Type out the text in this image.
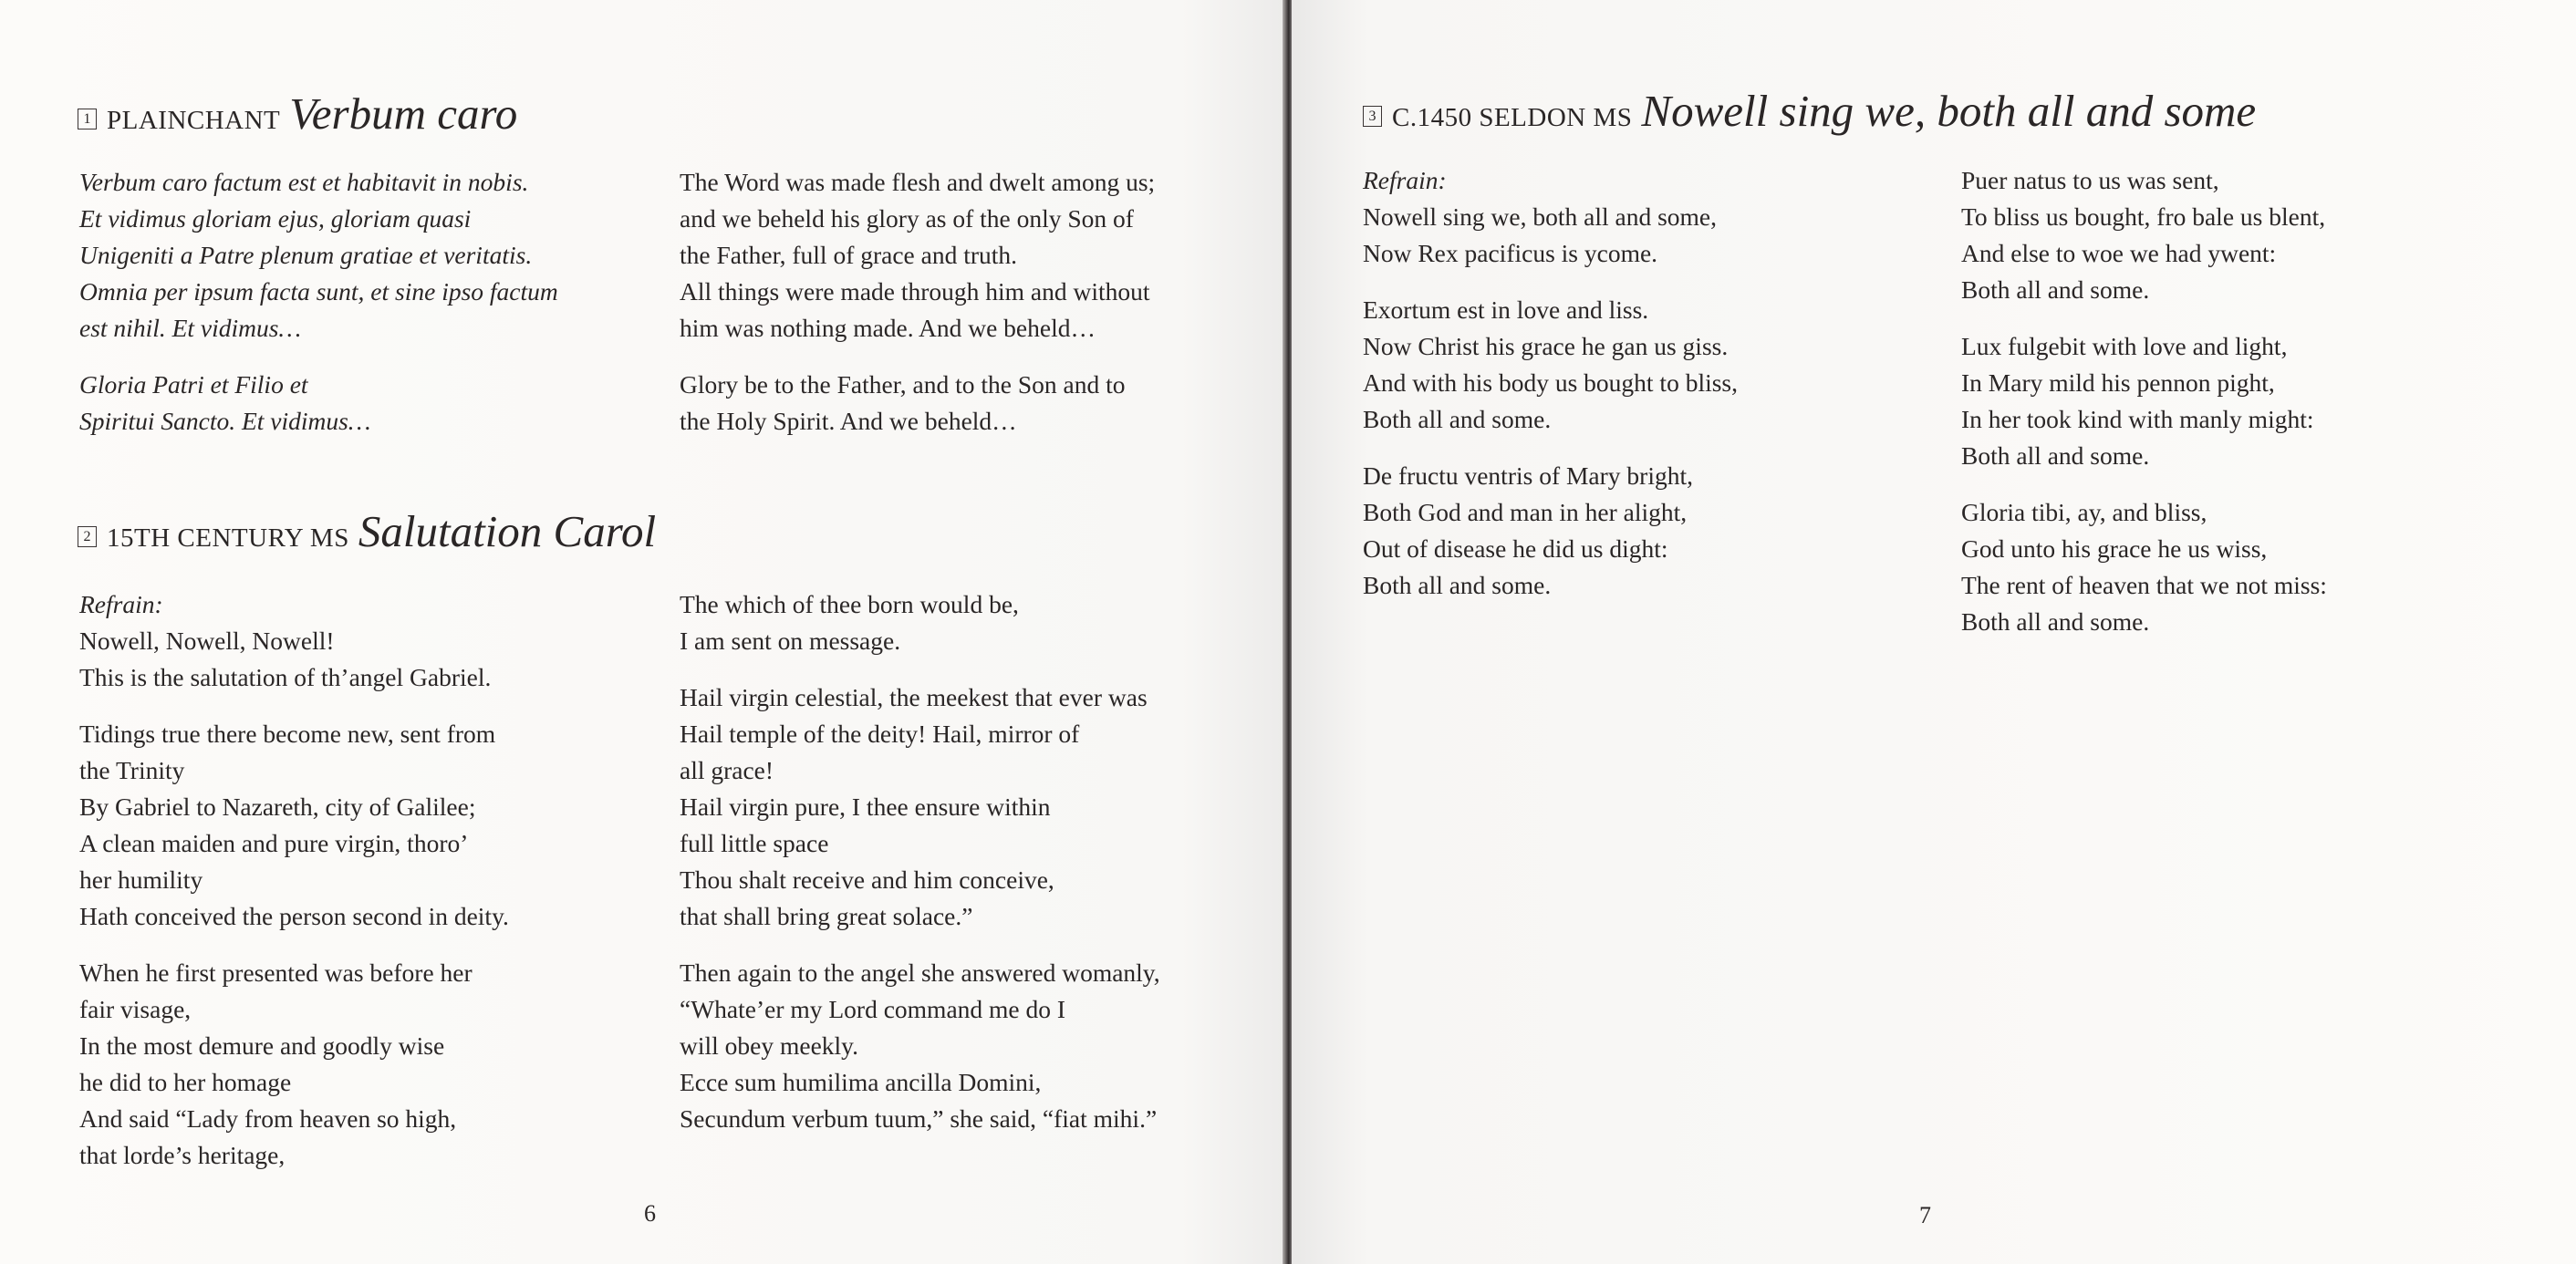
1 PLAINCHANT Verbum caro
Verbum caro factum est et habitavit in nobis.
Et vidimus gloriam ejus, gloriam quasi
Unigeniti a Patre plenum gratiae et veritatis.
Omnia per ipsum facta sunt, et sine ipso factum
est nihil. Et vidimus…
Gloria Patri et Filio et
Spiritui Sancto. Et vidimus…
The Word was made flesh and dwelt among us;
and we beheld his glory as of the only Son of
the Father, full of grace and truth.
All things were made through him and without
him was nothing made. And we beheld…
Glory be to the Father, and to the Son and to
the Holy Spirit. And we beheld…
2 15TH CENTURY MS Salutation Carol
Refrain:
Nowell, Nowell, Nowell!
This is the salutation of th’angel Gabriel.
Tidings true there become new, sent from
the Trinity
By Gabriel to Nazareth, city of Galilee;
A clean maiden and pure virgin, thoro’
her humility
Hath conceived the person second in deity.
When he first presented was before her
fair visage,
In the most demure and goodly wise
he did to her homage
And said “Lady from heaven so high,
that lorde’s heritage,
The which of thee born would be,
I am sent on message.
Hail virgin celestial, the meekest that ever was
Hail temple of the deity! Hail, mirror of
all grace!
Hail virgin pure, I thee ensure within
full little space
Thou shalt receive and him conceive,
that shall bring great solace.”
Then again to the angel she answered womanly,
“Whate’er my Lord command me do I
will obey meekly.
Ecce sum humilima ancilla Domini,
Secundum verbum tuum,” she said, “fiat mihi.”
6
3 C.1450 SELDON MS Nowell sing we, both all and some
Refrain:
Nowell sing we, both all and some,
Now Rex pacificus is ycome.
Exortum est in love and liss.
Now Christ his grace he gan us giss.
And with his body us bought to bliss,
Both all and some.
De fructu ventris of Mary bright,
Both God and man in her alight,
Out of disease he did us dight:
Both all and some.
Puer natus to us was sent,
To bliss us bought, fro bale us blent,
And else to woe we had ywent:
Both all and some.
Lux fulgebit with love and light,
In Mary mild his pennon pight,
In her took kind with manly might:
Both all and some.
Gloria tibi, ay, and bliss,
God unto his grace he us wiss,
The rent of heaven that we not miss:
Both all and some.
7
